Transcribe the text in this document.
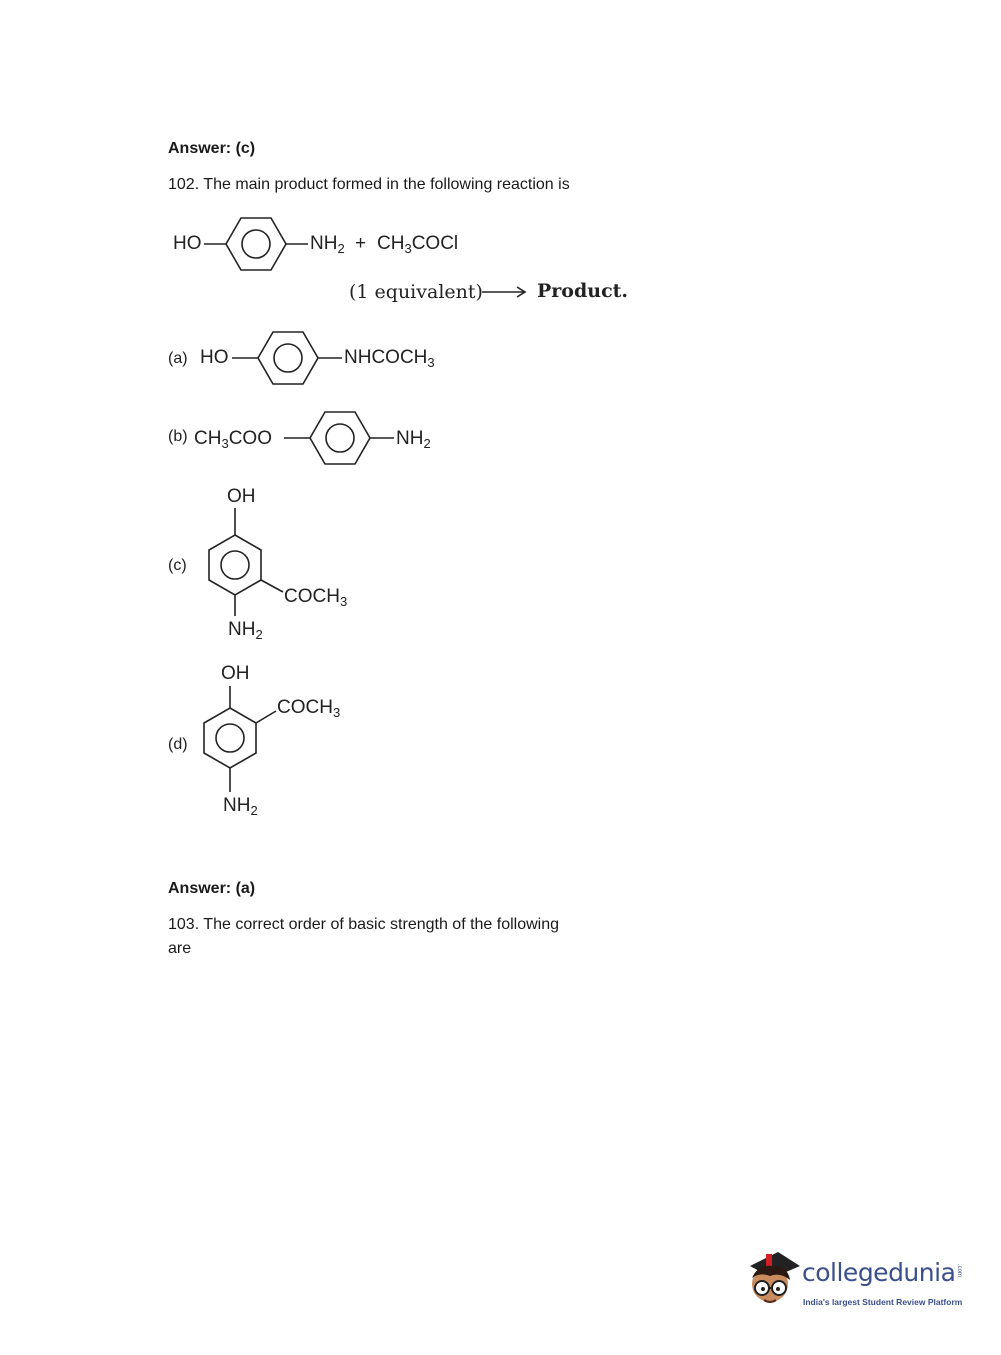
Answer: (c)
102. The main product formed in the following reaction is
HO	$NH_2$ + $CH_3COCl$
(1 equivalent) → Product.
(a) HO	$NHCOCH_3$
(b) $CH_3COO$	$NH_2$
(c)
OH
$COCH_3$
$NH_2$
(d)
OH
$COCH_3$
$NH_2$
Answer: (a)
103. The correct order of basic strength of the following
are
collegedunia .com
India's largest Student Review Platform
